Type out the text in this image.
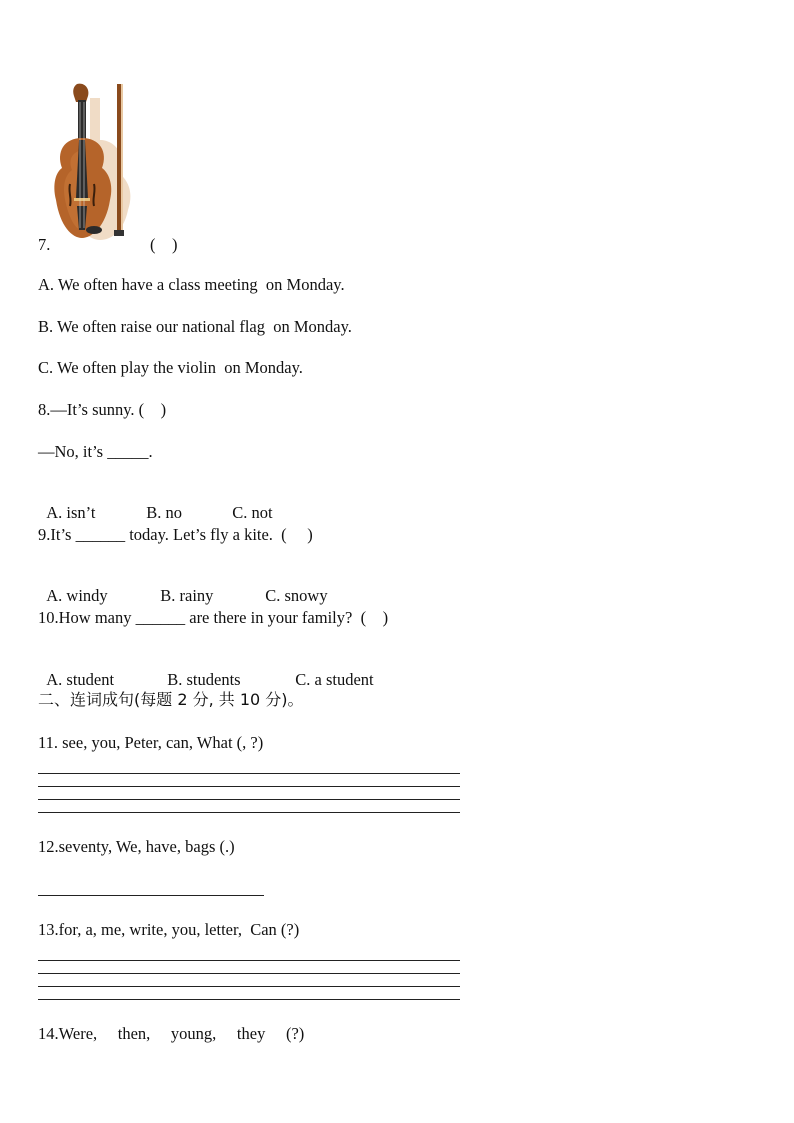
7.	(    )
A. We often have a class meeting  on Monday.
B. We often raise our national flag  on Monday.
C. We often play the violin  on Monday.
8.—It’s sunny. (    )
—No, it’s _____.

A. isn’t	B. no	C. not

9.It’s ______ today. Let’s fly a kite.  (     )

A. windy	B. rainy	C. snowy

10.How many ______ are there in your family?  (    )

A. student	B. students	C. a student

二、连词成句(每题 2 分, 共 10 分)。
11. see, you, Peter, can, What (, ?)
12.seventy, We, have, bags (.)
13.for, a, me, write, you, letter,  Can (?)
14.Were,     then,     young,     they     (?)
